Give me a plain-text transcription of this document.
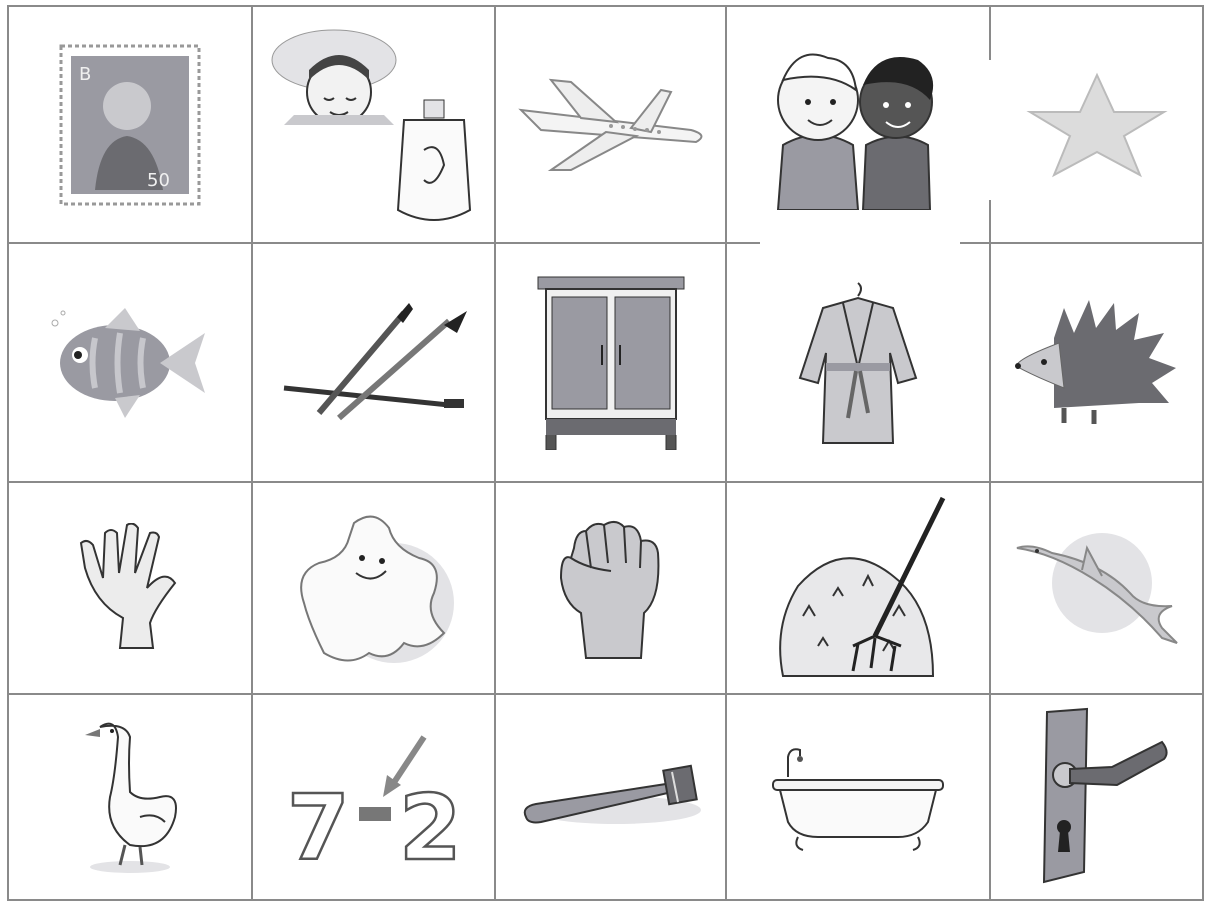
B
50
7 2
